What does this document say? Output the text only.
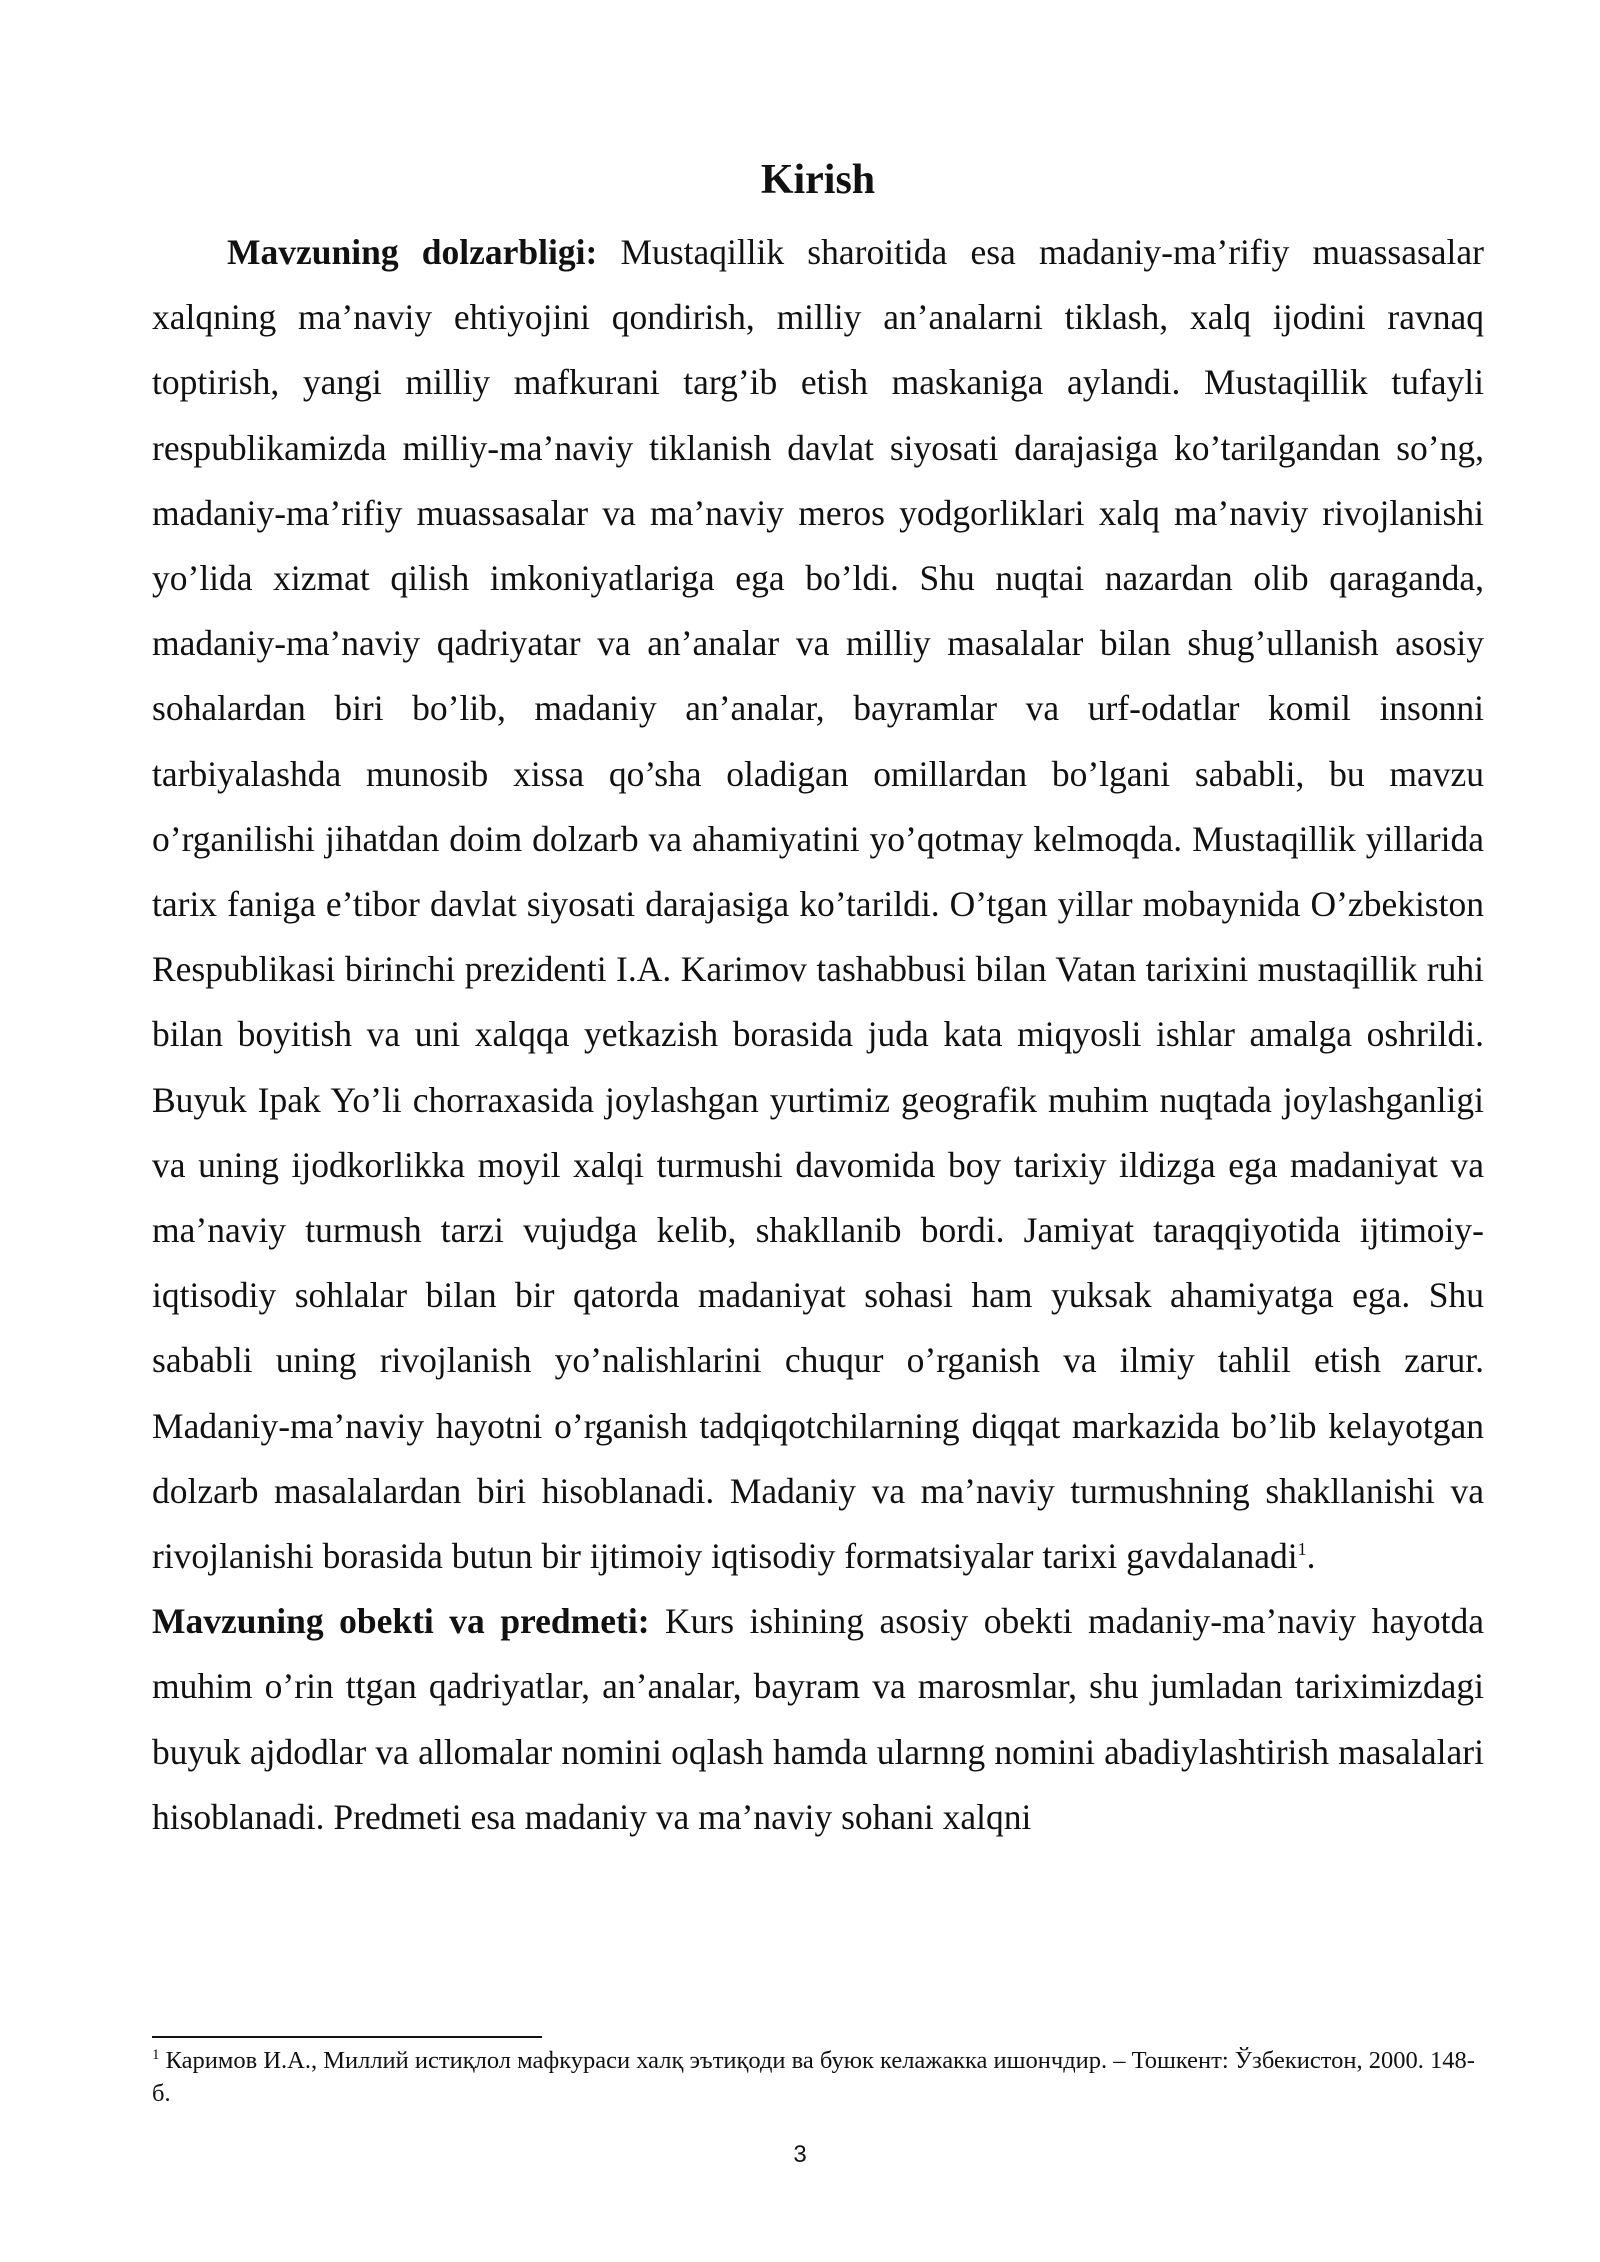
Kirish

Mavzuning dolzarbligi: Mustaqillik sharoitida esa madaniy-ma’rifiy muassasalar xalqning ma’naviy ehtiyojini qondirish, milliy an’analarni tiklash, xalq ijodini ravnaq toptirish, yangi milliy mafkurani targ’ib etish maskaniga aylandi. Mustaqillik tufayli respublikamizda milliy-ma’naviy tiklanish davlat siyosati darajasiga ko’tarilgandan so’ng, madaniy-ma’rifiy muassasalar va ma’naviy meros yodgorliklari xalq ma’naviy rivojlanishi yo’lida xizmat qilish imkoniyatlariga ega bo’ldi. Shu nuqtai nazardan olib qaraganda, madaniy-ma’naviy qadriyatar va an’analar va milliy masalalar bilan shug’ullanish asosiy sohalardan biri bo’lib, madaniy an’analar, bayramlar va urf-odatlar komil insonni tarbiyalashda munosib xissa qo’sha oladigan omillardan bo’lgani sababli, bu mavzu o’rganilishi jihatdan doim dolzarb va ahamiyatini yo’qotmay kelmoqda. Mustaqillik yillarida tarix faniga e’tibor davlat siyosati darajasiga ko’tarildi. O’tgan yillar mobaynida O’zbekiston Respublikasi birinchi prezidenti I.A. Karimov tashabbusi bilan Vatan tarixini mustaqillik ruhi bilan boyitish va uni xalqqa yetkazish borasida juda kata miqyosli ishlar amalga oshrildi. Buyuk Ipak Yo’li chorraxasida joylashgan yurtimiz geografik muhim nuqtada joylashganligi va uning ijodkorlikka moyil xalqi turmushi davomida boy tarixiy ildizga ega madaniyat va ma’naviy turmush tarzi vujudga kelib, shakllanib bordi. Jamiyat taraqqiyotida ijtimoiy-iqtisodiy sohlalar bilan bir qatorda madaniyat sohasi ham yuksak ahamiyatga ega. Shu sababli uning rivojlanish yo’nalishlarini chuqur o’rganish va ilmiy tahlil etish zarur. Madaniy-ma’naviy hayotni o’rganish tadqiqotchilarning diqqat markazida bo’lib kelayotgan dolzarb masalalardan biri hisoblanadi. Madaniy va ma’naviy turmushning shakllanishi va rivojlanishi borasida butun bir ijtimoiy iqtisodiy formatsiyalar tarixi gavdalanadi$^1$.

Mavzuning obekti va predmeti: Kurs ishining asosiy obekti madaniy-ma’naviy hayotda muhim o’rin ttgan qadriyatlar, an’analar, bayram va marosmlar, shu jumladan tariximizdagi buyuk ajdodlar va allomalar nomini oqlash hamda ularnng nomini abadiylashtirish masalalari hisoblanadi. Predmeti esa madaniy va ma’naviy sohani xalqni

$^1$ Каримов И.А., Миллий истиқлол мафкураси халқ эътиқоди ва буюк келажакка ишончдир. – Тошкент: Ўзбекистон, 2000. 148-б.
3
